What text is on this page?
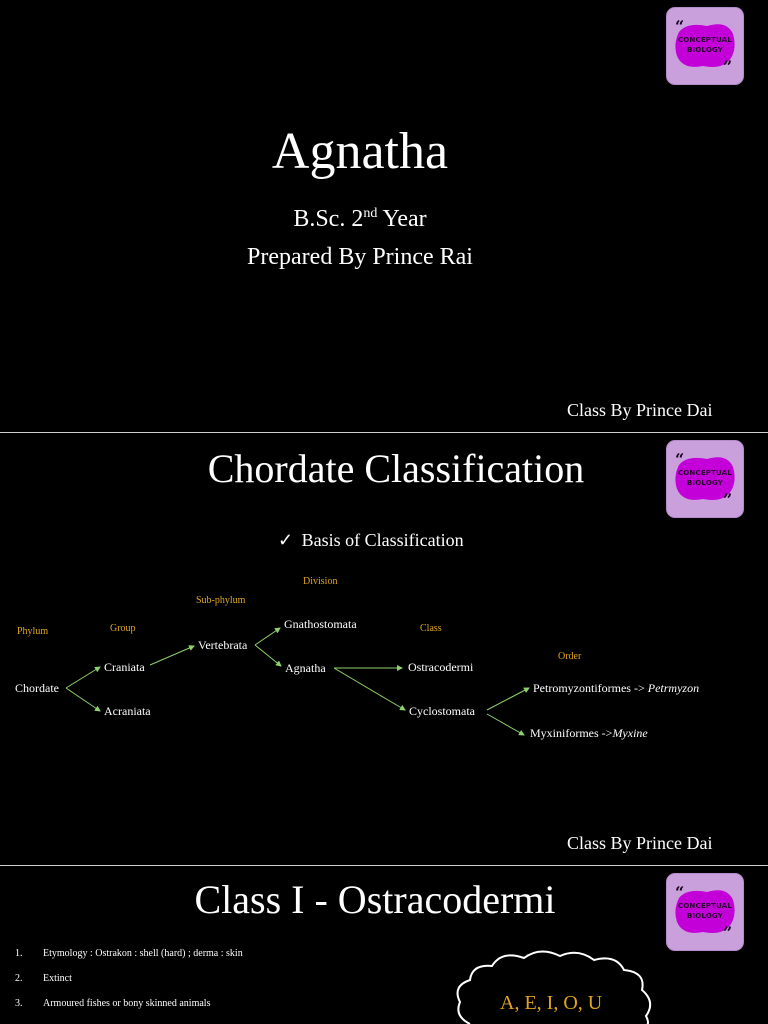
“
”
CONCEPTUAL BIOLOGY
Agnatha
B.Sc. 2nd Year
Prepared By Prince Rai
Class By Prince Dai
“
”
CONCEPTUAL BIOLOGY
Chordate Classification
✓ Basis of Classification
Division
Sub-phylum
Phylum	Group	Class
Order
Chordate
Craniata
Acraniata
Vertebrata
Gnathostomata
Agnatha	Ostracodermi
Cyclostomata
Petromyzontiformes -> Petrmyzon
Myxiniformes ->Myxine
Class By Prince Dai
“
”
CONCEPTUAL BIOLOGY
Class I - Ostracodermi
A, E, I, O, U
1. Etymology : Ostrakon : shell (hard) ; derma : skin
2. Extinct
3. Armoured fishes or bony skinned animals
